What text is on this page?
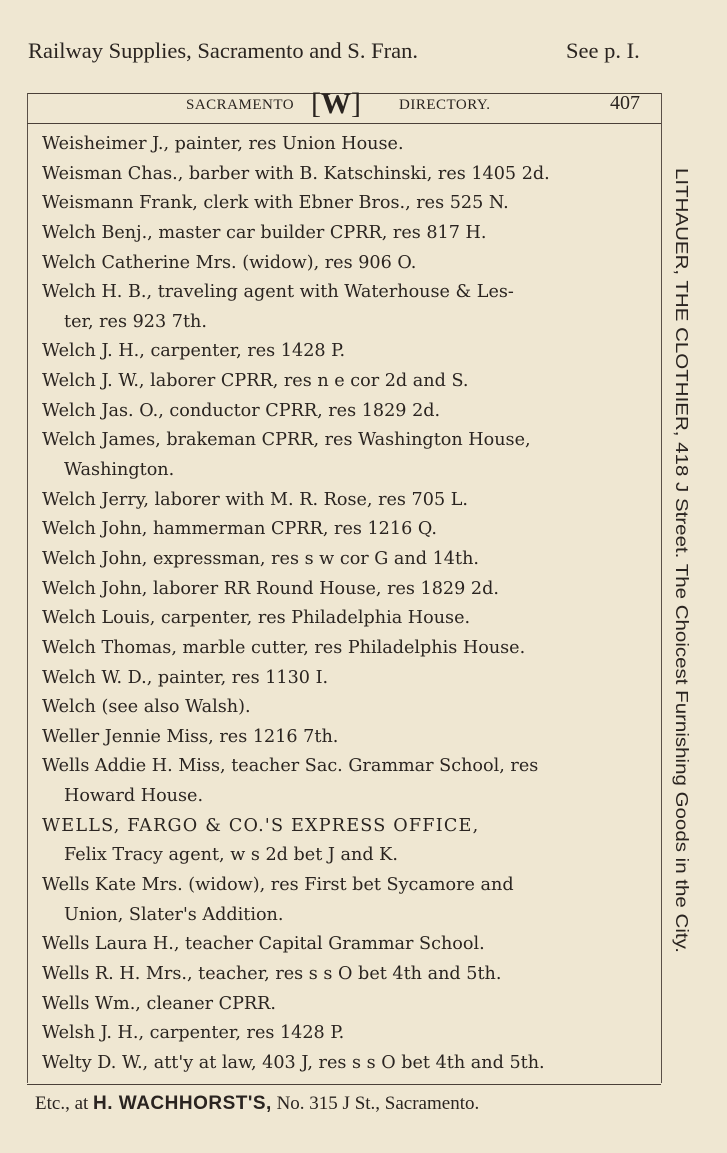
Railway Supplies, Sacramento and S. Fran.	See p. I.
SACRAMENTO [W]	DIRECTORY.	407
Weisheimer J., painter, res Union House.
Weisman Chas., barber with B. Katschinski, res 1405 2d.
Weismann Frank, clerk with Ebner Bros., res 525 N.
Welch Benj., master car builder CPRR, res 817 H.
Welch Catherine Mrs. (widow), res 906 O.
Welch H. B., traveling agent with Waterhouse & Les-
ter, res 923 7th.
Welch J. H., carpenter, res 1428 P.
Welch J. W., laborer CPRR, res n e cor 2d and S.
Welch Jas. O., conductor CPRR, res 1829 2d.
Welch James, brakeman CPRR, res Washington House,
Washington.
Welch Jerry, laborer with M. R. Rose, res 705 L.
Welch John, hammerman CPRR, res 1216 Q.
Welch John, expressman, res s w cor G and 14th.
Welch John, laborer RR Round House, res 1829 2d.
Welch Louis, carpenter, res Philadelphia House.
Welch Thomas, marble cutter, res Philadelphis House.
Welch W. D., painter, res 1130 I.
Welch (see also Walsh).
Weller Jennie Miss, res 1216 7th.
Wells Addie H. Miss, teacher Sac. Grammar School, res
Howard House.
WELLS, FARGO & CO.'S EXPRESS OFFICE,
Felix Tracy agent, w s 2d bet J and K.
Wells Kate Mrs. (widow), res First bet Sycamore and
Union, Slater's Addition.
Wells Laura H., teacher Capital Grammar School.
Wells R. H. Mrs., teacher, res s s O bet 4th and 5th.
Wells Wm., cleaner CPRR.
Welsh J. H., carpenter, res 1428 P.
Welty D. W., att'y at law, 403 J, res s s O bet 4th and 5th.
LITHAUER, THE CLOTHIER, 418 J Street. The Choicest Furnishing Goods in the City.
Etc., at H. WACHHORST'S, No. 315 J St., Sacramento.
